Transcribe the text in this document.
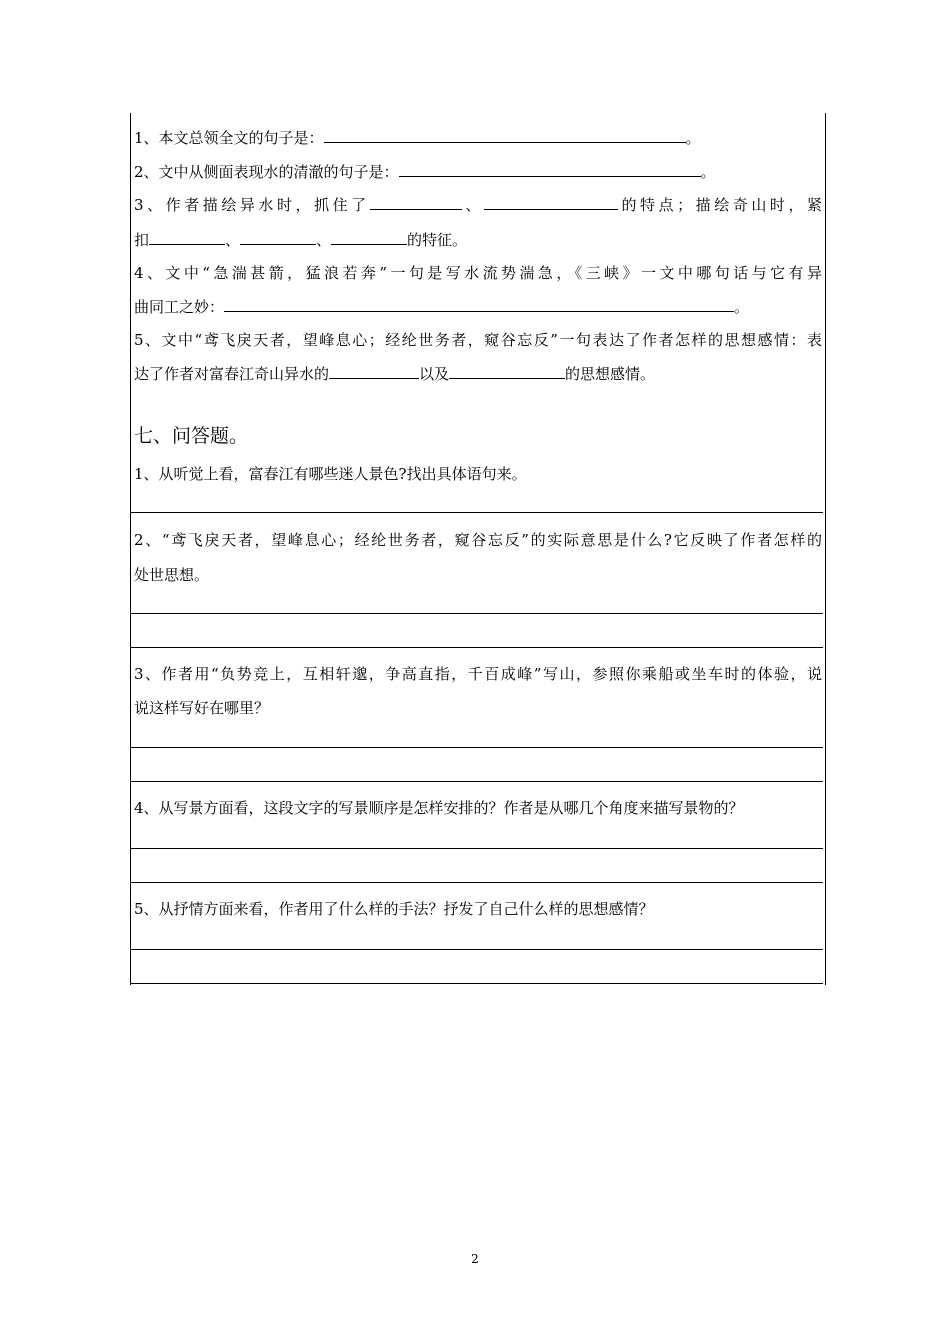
1、本文总领全文的句子是：	。
2、文中从侧面表现水的清澈的句子是：	。
3、作者描绘异水时，抓住了	、	的特点；描绘奇山时，紧
扣	、	、	的特征。
4、文中“急湍甚箭，猛浪若奔”一句是写水流势湍急，《三峡》一文中哪句话与它有异
曲同工之妙：	。
5、文中“鸢飞戾天者，望峰息心；经纶世务者，窥谷忘反”一句表达了作者怎样的思想感情：表
达了作者对富春江奇山异水的	以及	的思想感情。
七、问答题。
1、从听觉上看，富春江有哪些迷人景色?找出具体语句来。
2、“鸢飞戾天者，望峰息心；经纶世务者，窥谷忘反”的实际意思是什么?它反映了作者怎样的
处世思想。
3、作者用“负势竞上，互相轩邈，争高直指，千百成峰”写山，参照你乘船或坐车时的体验，说
说这样写好在哪里？
4、从写景方面看，这段文字的写景顺序是怎样安排的？作者是从哪几个角度来描写景物的？
5、从抒情方面来看，作者用了什么样的手法？抒发了自己什么样的思想感情？
2
